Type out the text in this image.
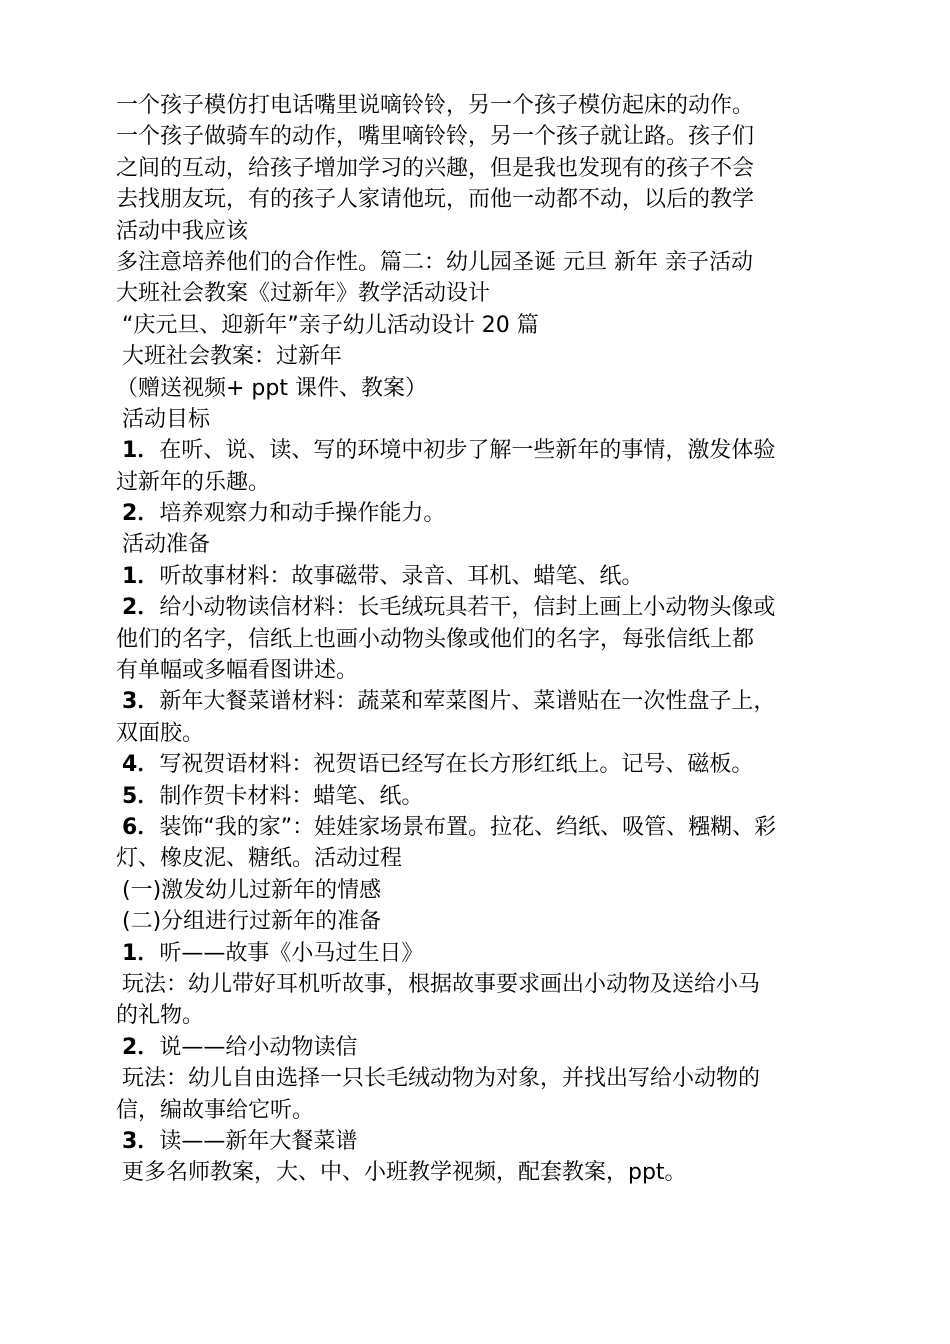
一个孩子模仿打电话嘴里说嘀铃铃，另一个孩子模仿起床的动作。
一个孩子做骑车的动作，嘴里嘀铃铃，另一个孩子就让路。孩子们
之间的互动，给孩子增加学习的兴趣，但是我也发现有的孩子不会
去找朋友玩，有的孩子人家请他玩，而他一动都不动，以后的教学
活动中我应该
多注意培养他们的合作性。篇二：幼儿园圣诞 元旦 新年 亲子活动
大班社会教案《过新年》教学活动设计
“庆元旦、迎新年”亲子幼儿活动设计 20 篇
大班社会教案：过新年
（赠送视频+ ppt 课件、教案）
活动目标
1．在听、说、读、写的环境中初步了解一些新年的事情，激发体验
过新年的乐趣。
2．培养观察力和动手操作能力。
活动准备
1．听故事材料：故事磁带、录音、耳机、蜡笔、纸。
2．给小动物读信材料：长毛绒玩具若干，信封上画上小动物头像或
他们的名字，信纸上也画小动物头像或他们的名字，每张信纸上都
有单幅或多幅看图讲述。
3．新年大餐菜谱材料：蔬菜和荤菜图片、菜谱贴在一次性盘子上，
双面胶。
4．写祝贺语材料：祝贺语已经写在长方形红纸上。记号、磁板。
5．制作贺卡材料：蜡笔、纸。
6．装饰“我的家”：娃娃家场景布置。拉花、绉纸、吸管、糨糊、彩
灯、橡皮泥、糖纸。活动过程
(一)激发幼儿过新年的情感
(二)分组进行过新年的准备
1．听——故事《小马过生日》
玩法：幼儿带好耳机听故事，根据故事要求画出小动物及送给小马
的礼物。
2．说——给小动物读信
玩法：幼儿自由选择一只长毛绒动物为对象，并找出写给小动物的
信，编故事给它听。
3．读——新年大餐菜谱
更多名师教案，大、中、小班教学视频，配套教案，ppt。
